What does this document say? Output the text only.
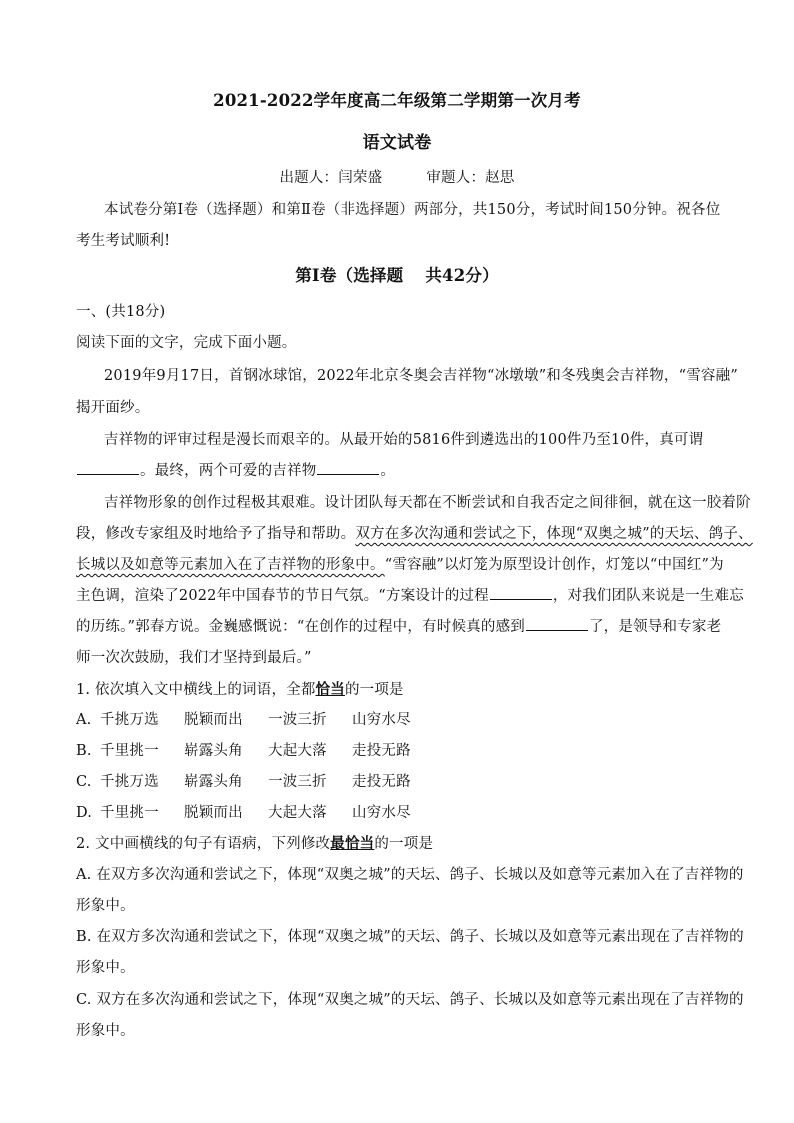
2021-2022学年度高二年级第二学期第一次月考
语文试卷
出题人：闫荣盛	审题人：赵思
本试卷分第Ⅰ卷（选择题）和第Ⅱ卷（非选择题）两部分，共150分，考试时间150分钟。祝各位
考生考试顺利!
第Ⅰ卷（选择题 共42分）
一、(共18分)
阅读下面的文字，完成下面小题。
2019年9月17日，首钢冰球馆，2022年北京冬奥会吉祥物“冰墩墩”和冬残奥会吉祥物，“雪容融”
揭开面纱。
吉祥物的评审过程是漫长而艰辛的。从最开始的5816件到遴选出的100件乃至10件，真可谓
。最终，两个可爱的吉祥物	。
吉祥物形象的创作过程极其艰难。设计团队每天都在不断尝试和自我否定之间徘徊，就在这一胶着阶
段，修改专家组及时地给予了指导和帮助。双方在多次沟通和尝试之下，体现“双奥之城”的天坛、鸽子、
长城以及如意等元素加入在了吉祥物的形象中。“雪容融”以灯笼为原型设计创作，灯笼以“中国红”为
主色调，渲染了2022年中国春节的节日气氛。“方案设计的过程	，对我们团队来说是一生难忘
的历练。”郭春方说。金巍感慨说：“在创作的过程中，有时候真的感到	了，是领导和专家老
师一次次鼓励，我们才坚持到最后。”
1. 依次填入文中横线上的词语，全都恰当的一项是
A. 千挑万选 脱颖而出 一波三折 山穷水尽
B. 千里挑一 崭露头角 大起大落 走投无路
C. 千挑万选 崭露头角 一波三折 走投无路
D. 千里挑一 脱颖而出 大起大落 山穷水尽
2. 文中画横线的句子有语病，下列修改最恰当的一项是
A. 在双方多次沟通和尝试之下，体现“双奥之城”的天坛、鸽子、长城以及如意等元素加入在了吉祥物的
形象中。
B. 在双方多次沟通和尝试之下，体现“双奥之城”的天坛、鸽子、长城以及如意等元素出现在了吉祥物的
形象中。
C. 双方在多次沟通和尝试之下，体现“双奥之城”的天坛、鸽子、长城以及如意等元素出现在了吉祥物的
形象中。
